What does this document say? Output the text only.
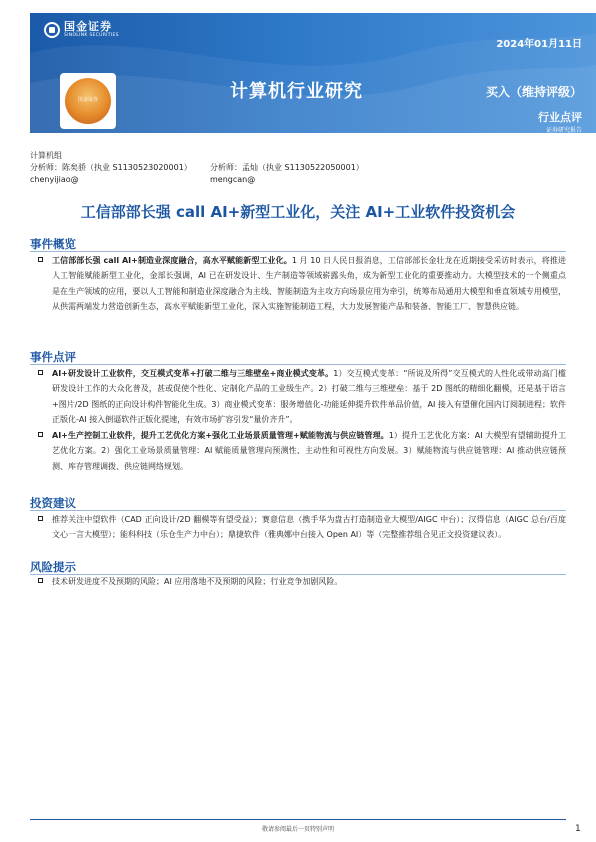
国金证券
SINOLINK SECURITIES
国金证券
2024年01月11日
计算机行业研究	买入（维持评级）
行业点评
证券研究报告
计算机组
分析师：陈矣骄（执业 S1130523020001）	分析师：孟灿（执业 S1130522050001）
chenyijiao@	mengcan@
工信部部长强 call AI+新型工业化，关注 AI+工业软件投资机会
事件概览
工信部部长强 call AI+制造业深度融合，高水平赋能新型工业化。1 月 10 日人民日报消息，工信部部长金壮龙在近期接受采访时表示，将推进人工智能赋能新型工业化，金部长强调，AI 已在研发设计、生产制造等领域崭露头角，成为新型工业化的重要推动力。大模型技术的一个侧重点是在生产领域的应用，要以人工智能和制造业深度融合为主线、智能制造为主攻方向场景应用为牵引，统筹布局通用大模型和垂直领域专用模型，从供需两端发力营造创新生态，高水平赋能新型工业化，深入实施智能制造工程，大力发展智能产品和装备、智能工厂、智慧供应链。
事件点评
AI+研发设计工业软件，交互模式变革+打破二维与三维壁垒+商业模式变革。1）交互模式变革：“所说及所得”交互模式的人性化或带动高门槛研发设计工作的大众化普及，甚或促使个性化、定制化产品的工业级生产。2）打破二维与三维壁垒：基于 2D 图纸的精细化翻模，还是基于语言+图片/2D 图纸的正向设计构件智能化生成。3）商业模式变革：服务增值化-功能延伸提升软件单品价值，AI 接入有望催化国内订阅制进程；软件正版化-AI 接入倒逼软件正版化提速，有效市场扩容引发“量价齐升”。
AI+生产控制工业软件，提升工艺优化方案+强化工业场景质量管理+赋能物流与供应链管理。1）提升工艺优化方案：AI 大模型有望辅助提升工艺优化方案。2）强化工业场景质量管理：AI 赋能质量管理向预测性、主动性和可视性方向发展。3）赋能物流与供应链管理：AI 推动供应链预测、库存管理调拨、供应链网络规划。
投资建议
推荐关注中望软件（CAD 正向设计/2D 翻模等有望受益）；赛意信息（携手华为盘古打造制造业大模型/AIGC 中台）；汉得信息（AIGC 总台/百度文心一言大模型）；能科科技（乐仓生产力中台）；鼎捷软件（雅典娜中台接入 Open AI）等（完整推荐组合见正文投资建议表）。
风险提示
技术研发进度不及预期的风险；AI 应用落地不及预期的风险；行业竞争加剧风险。
敬请参阅最后一页特别声明	1
